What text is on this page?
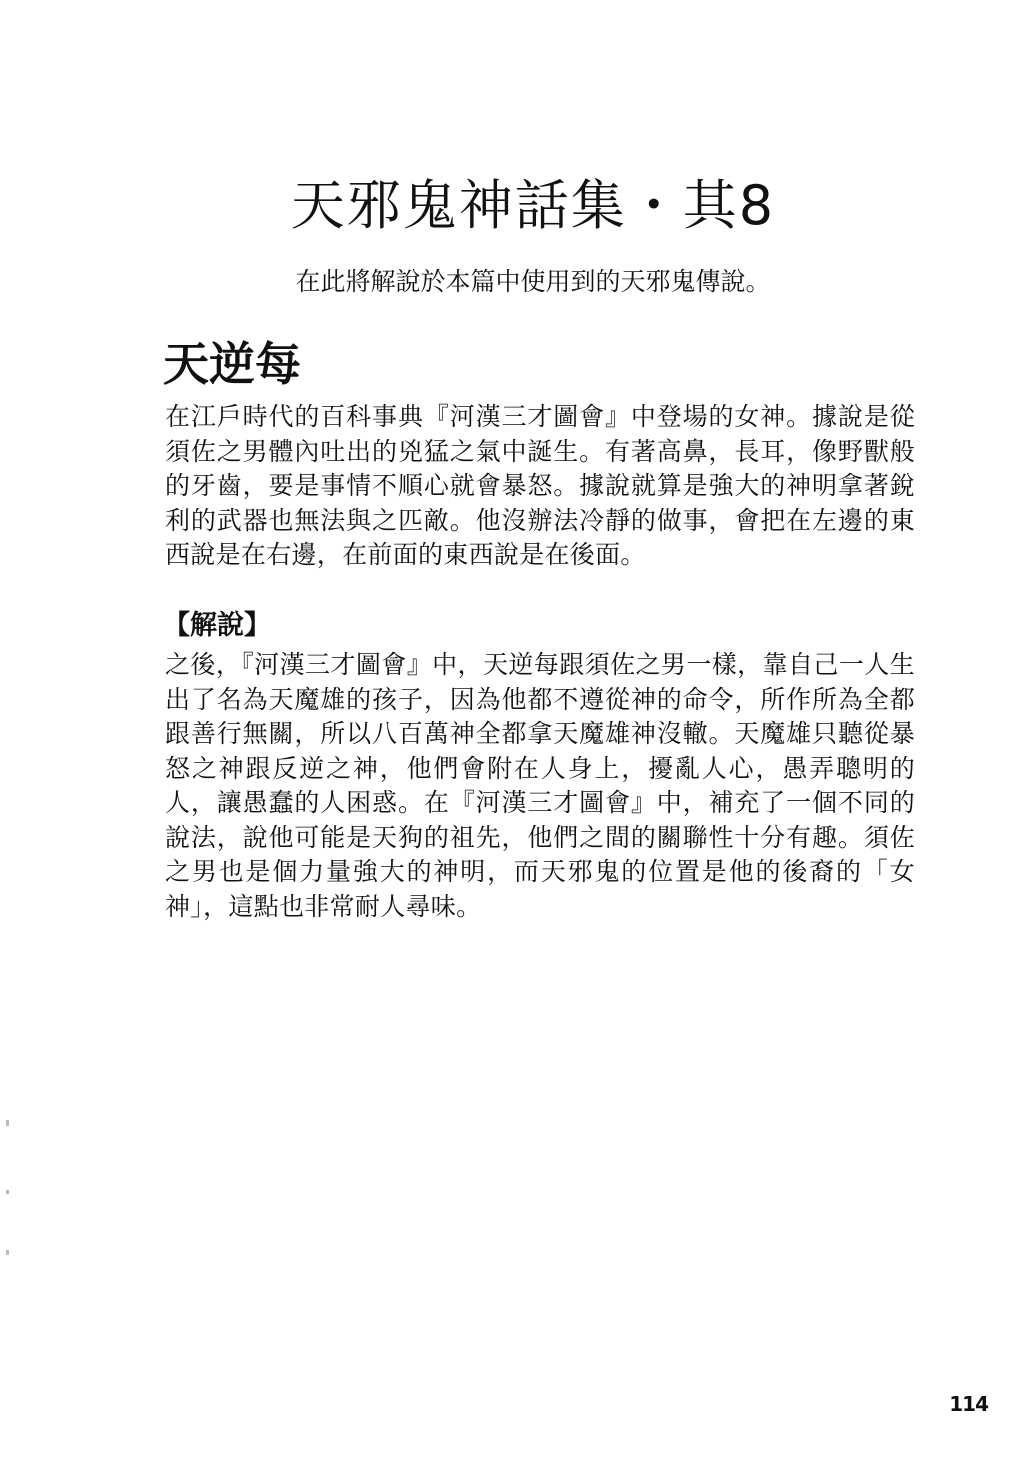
天邪鬼神話集・其8
在此將解說於本篇中使用到的天邪鬼傳說。
天逆每

在江戶時代的百科事典『河漢三才圖會』中登場的女神。據說是從須佐之男體內吐出的兇猛之氣中誕生。有著高鼻，長耳，像野獸般的牙齒，要是事情不順心就會暴怒。據說就算是強大的神明拿著銳利的武器也無法與之匹敵。他沒辦法冷靜的做事，會把在左邊的東西說是在右邊，在前面的東西說是在後面。

【解說】

之後，『河漢三才圖會』中，天逆每跟須佐之男一樣，靠自己一人生出了名為天魔雄的孩子，因為他都不遵從神的命令，所作所為全都跟善行無關，所以八百萬神全都拿天魔雄神沒轍。天魔雄只聽從暴怒之神跟反逆之神，他們會附在人身上，擾亂人心，愚弄聰明的人，讓愚蠢的人困惑。在『河漢三才圖會』中，補充了一個不同的說法，說他可能是天狗的祖先，他們之間的關聯性十分有趣。須佐之男也是個力量強大的神明，而天邪鬼的位置是他的後裔的「女神」，這點也非常耐人尋味。

114
